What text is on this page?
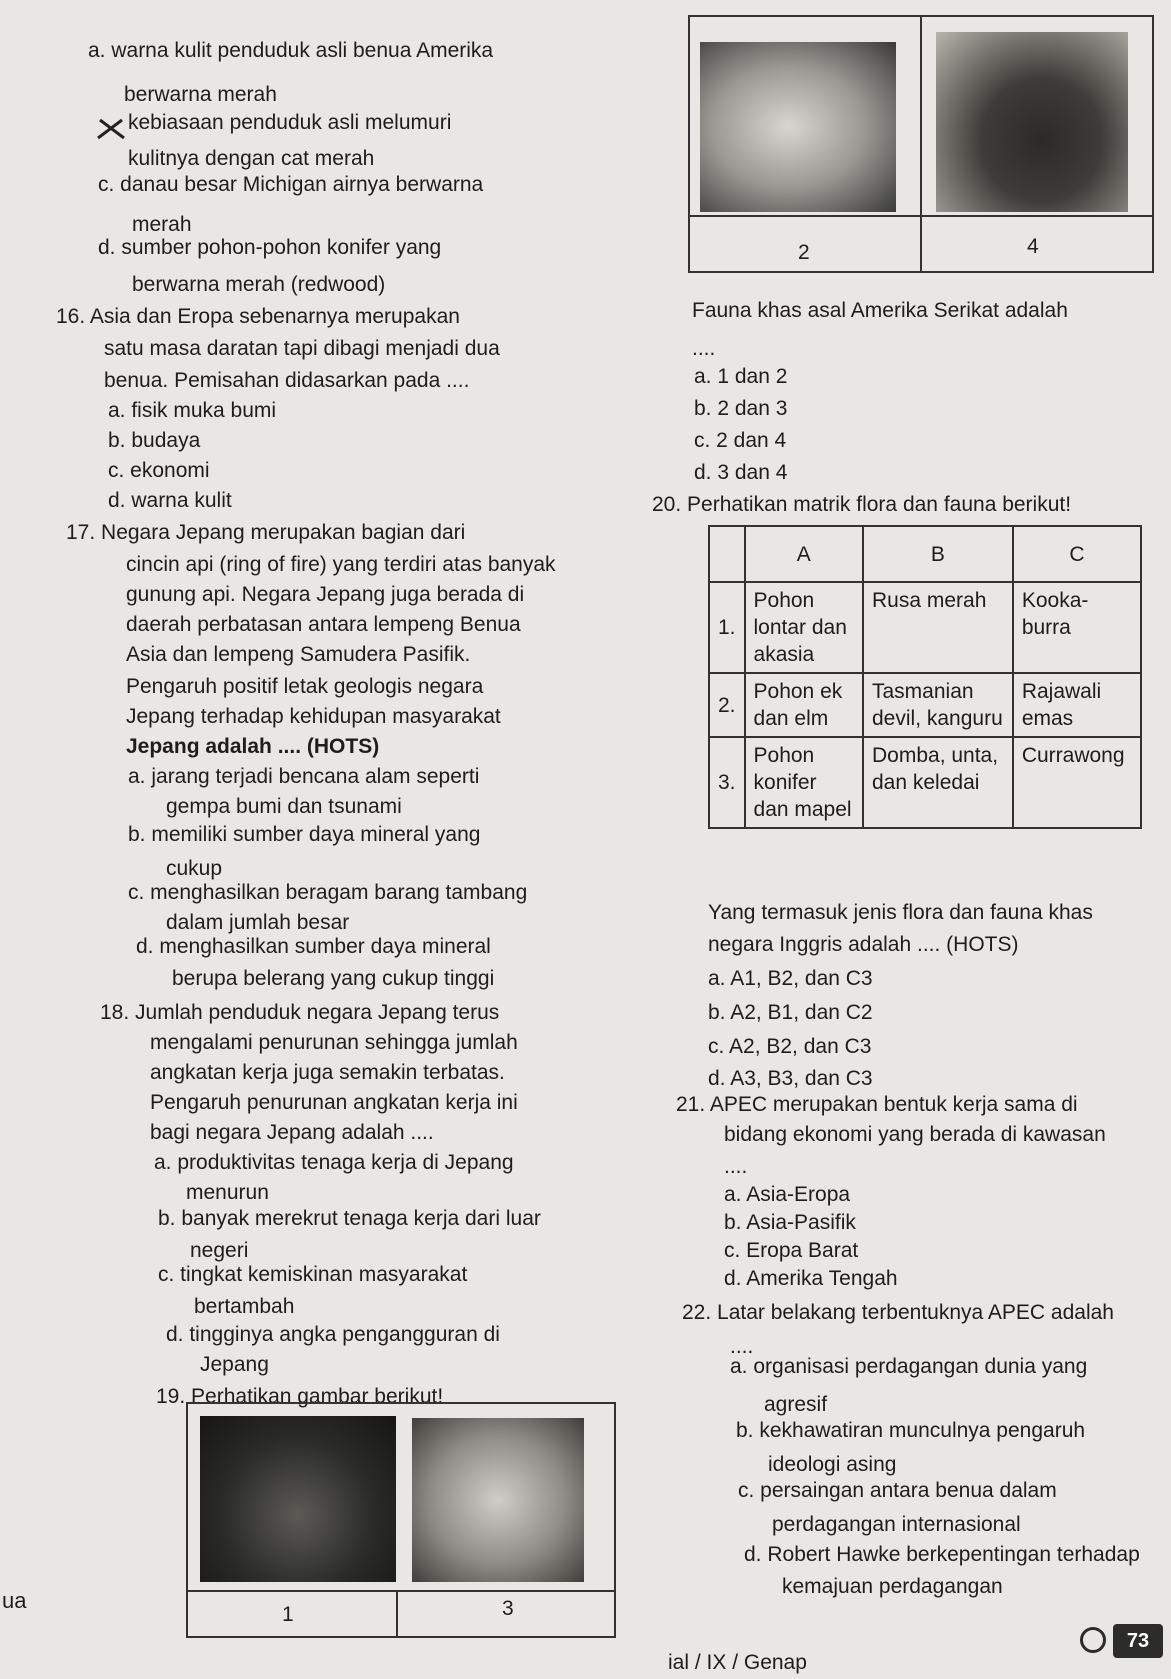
a. warna kulit penduduk asli benua Amerika
berwarna merah
kebiasaan penduduk asli melumuri
kulitnya dengan cat merah
c. danau besar Michigan airnya berwarna
merah
d. sumber pohon-pohon konifer yang
berwarna merah (redwood)
2	4
Fauna khas asal Amerika Serikat adalah
....
a. 1 dan 2
b. 2 dan 3
c. 2 dan 4
d. 3 dan 4
16. Asia dan Eropa sebenarnya merupakan
satu masa daratan tapi dibagi menjadi dua
benua. Pemisahan didasarkan pada ....
a. fisik muka bumi
b. budaya
c. ekonomi
d. warna kulit
17. Negara Jepang merupakan bagian dari
cincin api (ring of fire) yang terdiri atas banyak
gunung api. Negara Jepang juga berada di
daerah perbatasan antara lempeng Benua
Asia dan lempeng Samudera Pasifik.
Pengaruh positif letak geologis negara
Jepang terhadap kehidupan masyarakat
Jepang adalah .... (HOTS)
a. jarang terjadi bencana alam seperti
gempa bumi dan tsunami
b. memiliki sumber daya mineral yang
cukup
c. menghasilkan beragam barang tambang
dalam jumlah besar
d. menghasilkan sumber daya mineral
berupa belerang yang cukup tinggi
18. Jumlah penduduk negara Jepang terus
mengalami penurunan sehingga jumlah
angkatan kerja juga semakin terbatas.
Pengaruh penurunan angkatan kerja ini
bagi negara Jepang adalah ....
a. produktivitas tenaga kerja di Jepang
menurun
b. banyak merekrut tenaga kerja dari luar
negeri
c. tingkat kemiskinan masyarakat
bertambah
d. tingginya angka pengangguran di
Jepang
19. Perhatikan gambar berikut!
1	3
20. Perhatikan matrik flora dan fauna berikut!
	A	B	C
1.	Pohon lontar dan akasia	Rusa merah	Kooka-burra
2.	Pohon ek dan elm	Tasmanian devil, kanguru	Rajawali emas
3.	Pohon konifer dan mapel	Domba, unta, dan keledai	Currawong
Yang termasuk jenis flora dan fauna khas
negara Inggris adalah .... (HOTS)
a. A1, B2, dan C3
b. A2, B1, dan C2
c. A2, B2, dan C3
d. A3, B3, dan C3
21. APEC merupakan bentuk kerja sama di
bidang ekonomi yang berada di kawasan
....
a. Asia-Eropa
b. Asia-Pasifik
c. Eropa Barat
d. Amerika Tengah
22. Latar belakang terbentuknya APEC adalah
....
a. organisasi perdagangan dunia yang
agresif
b. kekhawatiran munculnya pengaruh
ideologi asing
c. persaingan antara benua dalam
perdagangan internasional
d. Robert Hawke berkepentingan terhadap
kemajuan perdagangan
ua
ial / IX / Genap
73
